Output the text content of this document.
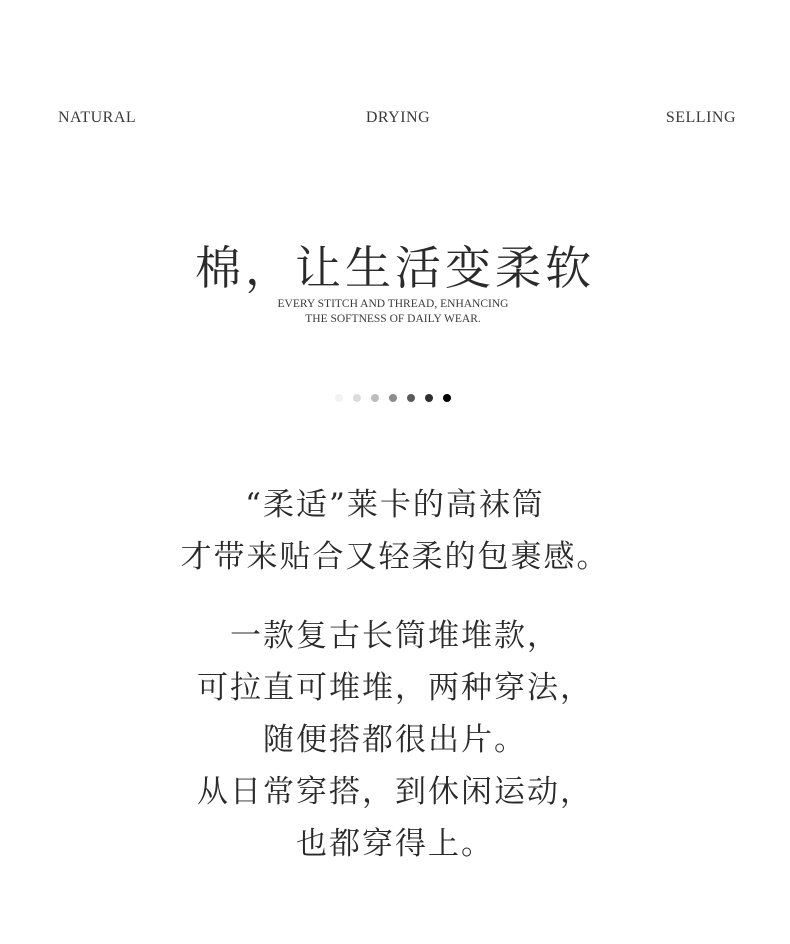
NATURAL	DRYING	SELLING
棉，让生活变柔软
EVERY STITCH AND THREAD, ENHANCING
THE SOFTNESS OF DAILY WEAR.
“柔适”莱卡的高袜筒
才带来贴合又轻柔的包裹感。
一款复古长筒堆堆款，
可拉直可堆堆，两种穿法，
随便搭都很出片。
从日常穿搭，到休闲运动，
也都穿得上。
